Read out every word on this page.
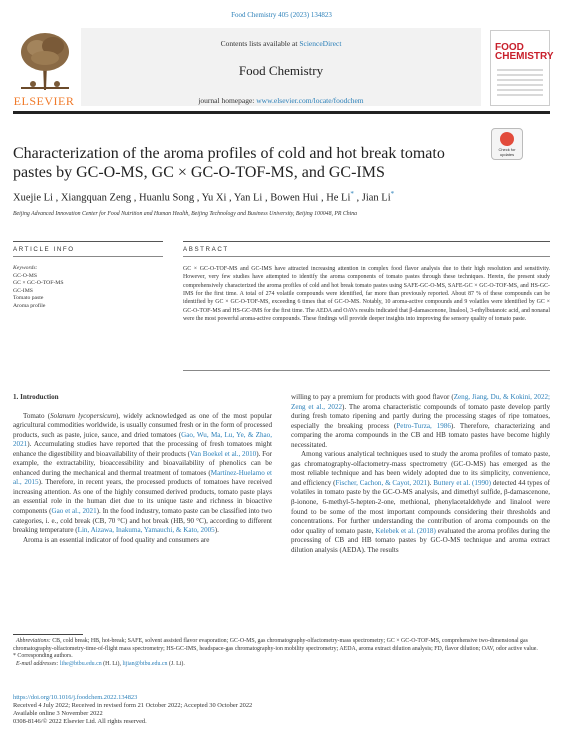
Food Chemistry 405 (2023) 134823
ELSEVIER
Contents lists available at ScienceDirect
Food Chemistry
journal homepage: www.elsevier.com/locate/foodchem
FOOD CHEMISTRY
Check for updates
Characterization of the aroma profiles of cold and hot break tomato pastes by GC-O-MS, GC × GC-O-TOF-MS, and GC-IMS
Xuejie Li , Xiangquan Zeng , Huanlu Song , Yu Xi , Yan Li , Bowen Hui , He Li* , Jian Li*
Beijing Advanced Innovation Center for Food Nutrition and Human Health, Beijing Technology and Business University, Beijing 100048, PR China
ARTICLE INFO	ABSTRACT
Keywords:
GC-O-MS
GC × GC-O-TOF-MS
GC-IMS
Tomato paste
Aroma profile
GC × GC-O-TOF-MS and GC-IMS have attracted increasing attention in complex food flavor analysis due to their high resolution and sensitivity. However, very few studies have attempted to identify the aroma components of tomato pastes through these techniques. Herein, the present study comprehensively characterized the aroma profiles of cold and hot break tomato pastes using SAFE-GC-O-MS, SAFE-GC × GC-O-TOF-MS, and HS-GC-IMS for the first time. A total of 274 volatile compounds were identified, far more than previously reported. About 87 % of these compounds can be identified by GC × GC-O-TOF-MS, exceeding 6 times that of GC-O-MS. Notably, 10 aroma-active compounds and 9 volatiles were identified by GC × GC-O-TOF-MS and HS-GC-IMS for the first time. The AEDA and OAVs results indicated that β-damascenone, linalool, 3-ethylbutanoic acid, and nonanal were the most powerful aroma-active compounds. These findings will provide deeper insights into improving the sensory quality of tomato paste.

1. Introduction

Tomato (Solanum lycopersicum), widely acknowledged as one of the most popular agricultural commodities worldwide, is usually consumed fresh or in the form of processed products, such as paste, juice, sauce, and dried tomatoes (Gao, Wu, Ma, Lu, Ye, & Zhao, 2021). Accumulating studies have reported that the processing of fresh tomatoes might enhance the digestibility and bioavailability of their products (Van Boekel et al., 2010). For example, the extractability, bioaccessibility and bioavailability of phenolics can be enhanced during the mechanical and thermal treatment of tomatoes (Martínez-Huelamo et al., 2015). Therefore, in recent years, the processed products of tomatoes have received increasing attention. As one of the highly consumed derived products, tomato paste plays an essential role in the human diet due to its unique taste and richness in bioactive components (Gao et al., 2021). In the food industry, tomato paste can be classified into two categories, i. e., cold break (CB, 70 °C) and hot break (HB, 90 °C), according to different breaking temperature (Lin, Aizawa, Inakuma, Yamauchi, & Kato, 2005).

Aroma is an essential indicator of food quality and consumers are

willing to pay a premium for products with good flavor (Zeng, Jiang, Du, & Kokini, 2022; Zeng et al., 2022). The aroma characteristic compounds of tomato paste develop partly during fresh tomato ripening and partly during the processing stages of ripe tomatoes, especially the breaking process (Petro-Turza, 1986). Therefore, characterizing and comparing the aroma compounds in the CB and HB tomato pastes have become highly necessitated.

Among various analytical techniques used to study the aroma profiles of tomato paste, gas chromatography-olfactometry-mass spectrometry (GC-O-MS) has emerged as the most reliable technique and has been widely adopted due to its simplicity, convenience, and efficiency (Fischer, Cachon, & Cayot, 2021). Buttery et al. (1990) detected 44 types of volatiles in tomato paste by the GC-O-MS analysis, and dimethyl sulfide, β-damascenone, β-ionone, 6-methyl-5-hepten-2-one, methional, phenylacetaldehyde and linalool were found to be some of the most important compounds considering their thresholds and concentrations. For further understanding the contribution of aroma compounds on the odor quality of tomato paste, Kelebek et al. (2018) evaluated the aroma profiles during the processing of CB and HB tomato pastes by GC-O-MS technique and aroma extract dilution analysis (AEDA). The results

Abbreviations: CB, cold break; HB, hot-break; SAFE, solvent assisted flavor evaporation; GC-O-MS, gas chromatography-olfactometry-mass spectrometry; GC × GC-O-TOF-MS, comprehensive two-dimensional gas chromatography-olfactometry-time-of-flight mass spectrometry; HS-GC-IMS, headspace-gas chromatography-ion mobility spectrometry; AEDA, aroma extract dilution analysis; FD, flavor dilution; OAV, odor active value.
* Corresponding authors.
E-mail addresses: lihe@btbu.edu.cn (H. Li), lijian@btbu.edu.cn (J. Li).
https://doi.org/10.1016/j.foodchem.2022.134823
Received 4 July 2022; Received in revised form 21 October 2022; Accepted 30 October 2022
Available online 3 November 2022
0308-8146/© 2022 Elsevier Ltd. All rights reserved.
